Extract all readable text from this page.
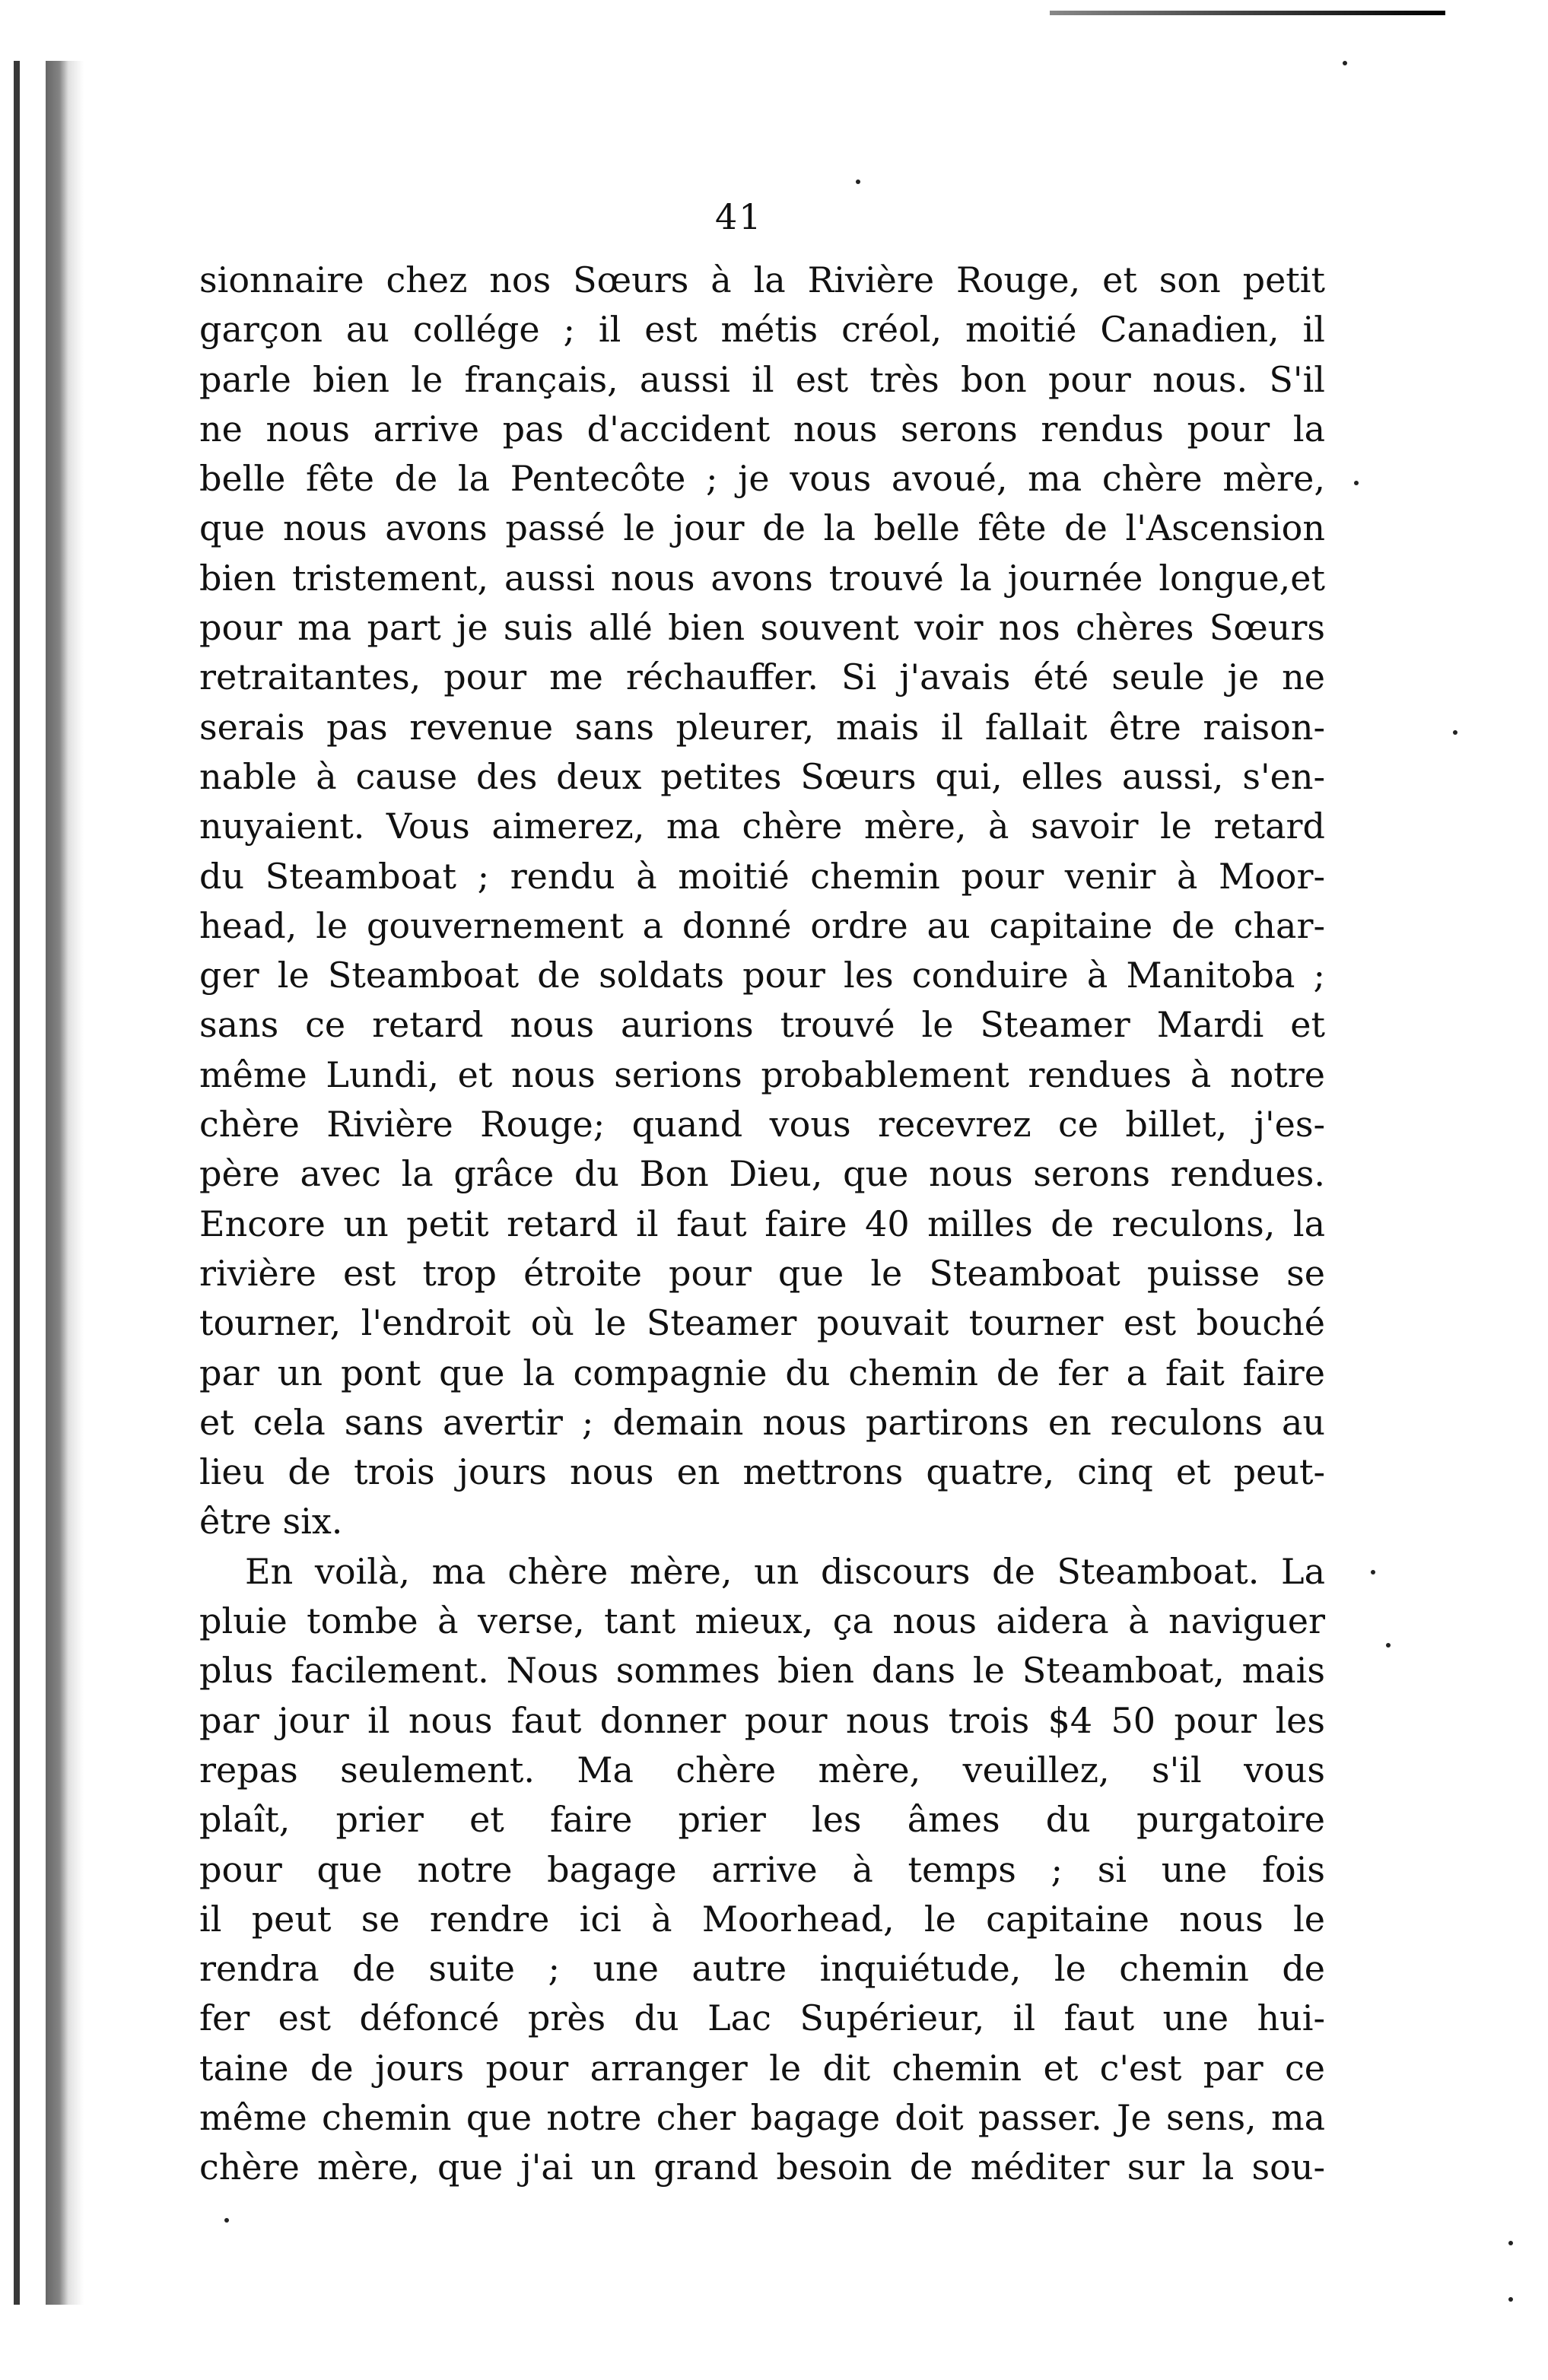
41
sionnaire chez nos Sœurs à la Rivière Rouge, et son petit
garçon au collége ; il est métis créol, moitié Canadien, il
parle bien le français, aussi il est très bon pour nous. S'il
ne nous arrive pas d'accident nous serons rendus pour la
belle fête de la Pentecôte ; je vous avoué, ma chère mère,
que nous avons passé le jour de la belle fête de l'Ascension
bien tristement, aussi nous avons trouvé la journée longue,et
pour ma part je suis allé bien souvent voir nos chères Sœurs
retraitantes, pour me réchauffer. Si j'avais été seule je ne
serais pas revenue sans pleurer, mais il fallait être raison-
nable à cause des deux petites Sœurs qui, elles aussi, s'en-
nuyaient. Vous aimerez, ma chère mère, à savoir le retard
du Steamboat ; rendu à moitié chemin pour venir à Moor-
head, le gouvernement a donné ordre au capitaine de char-
ger le Steamboat de soldats pour les conduire à Manitoba ;
sans ce retard nous aurions trouvé le Steamer Mardi et
même Lundi, et nous serions probablement rendues à notre
chère Rivière Rouge; quand vous recevrez ce billet, j'es-
père avec la grâce du Bon Dieu, que nous serons rendues.
Encore un petit retard il faut faire 40 milles de reculons, la
rivière est trop étroite pour que le Steamboat puisse se
tourner, l'endroit où le Steamer pouvait tourner est bouché
par un pont que la compagnie du chemin de fer a fait faire
et cela sans avertir ; demain nous partirons en reculons au
lieu de trois jours nous en mettrons quatre, cinq et peut-
être six.
En voilà, ma chère mère, un discours de Steamboat. La
pluie tombe à verse, tant mieux, ça nous aidera à naviguer
plus facilement. Nous sommes bien dans le Steamboat, mais
par jour il nous faut donner pour nous trois $4 50 pour les
repas seulement. Ma chère mère, veuillez, s'il vous
plaît, prier et faire prier les âmes du purgatoire
pour que notre bagage arrive à temps ; si une fois
il peut se rendre ici à Moorhead, le capitaine nous le
rendra de suite ; une autre inquiétude, le chemin de
fer est défoncé près du Lac Supérieur, il faut une hui-
taine de jours pour arranger le dit chemin et c'est par ce
même chemin que notre cher bagage doit passer. Je sens, ma
chère mère, que j'ai un grand besoin de méditer sur la sou-
